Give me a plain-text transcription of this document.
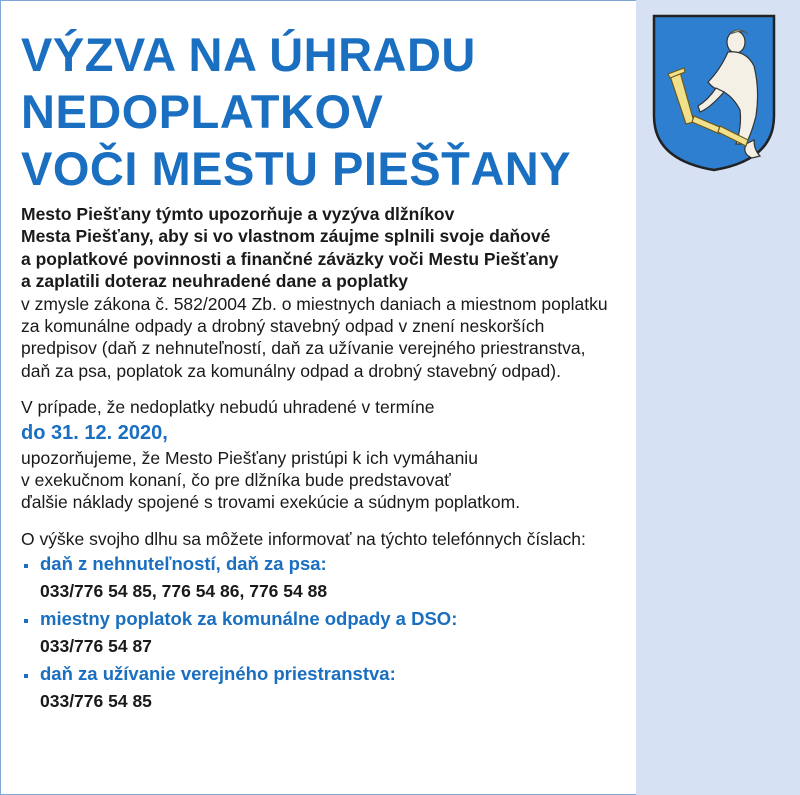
VÝZVA NA ÚHRADU
NEDOPLATKOV
VOČI MESTU PIEŠŤANY

Mesto Piešťany týmto upozorňuje a vyzýva dlžníkov

Mesta Piešťany, aby si vo vlastnom záujme splnili svoje daňové

a poplatkové povinnosti a finančné záväzky voči Mestu Piešťany

a zaplatili doteraz neuhradené dane a poplatky

v zmysle zákona č. 582/2004 Zb. o miestnych daniach a miestnom poplatku

za komunálne odpady a drobný stavebný odpad v znení neskorších

predpisov (daň z nehnuteľností, daň za užívanie verejného priestranstva,

daň za psa, poplatok za komunálny odpad a drobný stavebný odpad).

V prípade, že nedoplatky nebudú uhradené v termíne

do 31. 12. 2020,

upozorňujeme, že Mesto Piešťany pristúpi k ich vymáhaniu

v exekučnom konaní, čo pre dlžníka bude predstavovať

ďalšie náklady spojené s trovami exekúcie a súdnym poplatkom.

O výške svojho dlhu sa môžete informovať na týchto telefónnych číslach:

daň z nehnuteľností, daň za psa:

033/776 54 85, 776 54 86, 776 54 88

miestny poplatok za komunálne odpady a DSO:

033/776 54 87

daň za užívanie verejného priestranstva:

033/776 54 85
